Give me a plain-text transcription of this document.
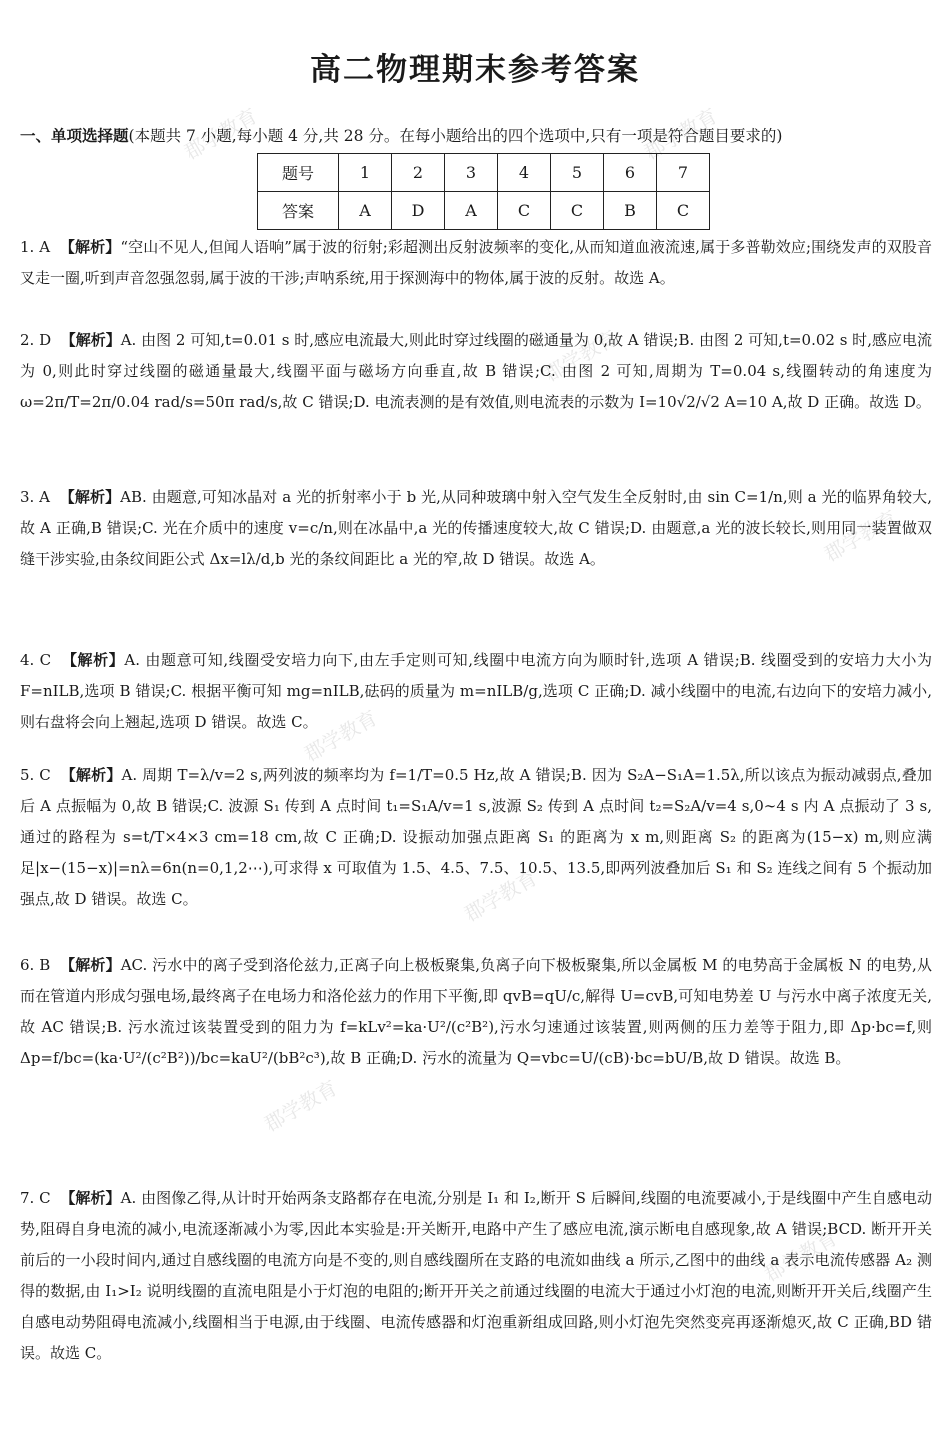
郡学教育	郡学教育
郡学教育
郡学教育
郡学教育
郡学教育
郡学教育
郡学教育
高二物理期末参考答案
一、单项选择题(本题共 7 小题,每小题 4 分,共 28 分。在每小题给出的四个选项中,只有一项是符合题目要求的)
题号	1	2	3	4	5	6	7
答案	A	D	A	C	C	B	C
1. A 【解析】“空山不见人,但闻人语响”属于波的衍射;彩超测出反射波频率的变化,从而知道血液流速,属于多普勒效应;围绕发声的双股音叉走一圈,听到声音忽强忽弱,属于波的干涉;声呐系统,用于探测海中的物体,属于波的反射。故选 A。
2. D 【解析】A. 由图 2 可知,t=0.01 s 时,感应电流最大,则此时穿过线圈的磁通量为 0,故 A 错误;B. 由图 2 可知,t=0.02 s 时,感应电流为 0,则此时穿过线圈的磁通量最大,线圈平面与磁场方向垂直,故 B 错误;C. 由图 2 可知,周期为 T=0.04 s,线圈转动的角速度为 ω=2π/T=2π/0.04 rad/s=50π rad/s,故 C 错误;D. 电流表测的是有效值,则电流表的示数为 I=10√2/√2 A=10 A,故 D 正确。故选 D。
3. A 【解析】AB. 由题意,可知冰晶对 a 光的折射率小于 b 光,从同种玻璃中射入空气发生全反射时,由 sin C=1/n,则 a 光的临界角较大,故 A 正确,B 错误;C. 光在介质中的速度 v=c/n,则在冰晶中,a 光的传播速度较大,故 C 错误;D. 由题意,a 光的波长较长,则用同一装置做双缝干涉实验,由条纹间距公式 Δx=lλ/d,b 光的条纹间距比 a 光的窄,故 D 错误。故选 A。
4. C 【解析】A. 由题意可知,线圈受安培力向下,由左手定则可知,线圈中电流方向为顺时针,选项 A 错误;B. 线圈受到的安培力大小为 F=nILB,选项 B 错误;C. 根据平衡可知 mg=nILB,砝码的质量为 m=nILB/g,选项 C 正确;D. 减小线圈中的电流,右边向下的安培力减小,则右盘将会向上翘起,选项 D 错误。故选 C。
5. C 【解析】A. 周期 T=λ/v=2 s,两列波的频率均为 f=1/T=0.5 Hz,故 A 错误;B. 因为 S₂A−S₁A=1.5λ,所以该点为振动减弱点,叠加后 A 点振幅为 0,故 B 错误;C. 波源 S₁ 传到 A 点时间 t₁=S₁A/v=1 s,波源 S₂ 传到 A 点时间 t₂=S₂A/v=4 s,0∼4 s 内 A 点振动了 3 s,通过的路程为 s=t/T×4×3 cm=18 cm,故 C 正确;D. 设振动加强点距离 S₁ 的距离为 x m,则距离 S₂ 的距离为(15−x) m,则应满足|x−(15−x)|=nλ=6n(n=0,1,2⋯),可求得 x 可取值为 1.5、4.5、7.5、10.5、13.5,即两列波叠加后 S₁ 和 S₂ 连线之间有 5 个振动加强点,故 D 错误。故选 C。
6. B 【解析】AC. 污水中的离子受到洛伦兹力,正离子向上极板聚集,负离子向下极板聚集,所以金属板 M 的电势高于金属板 N 的电势,从而在管道内形成匀强电场,最终离子在电场力和洛伦兹力的作用下平衡,即 qvB=qU/c,解得 U=cvB,可知电势差 U 与污水中离子浓度无关,故 AC 错误;B. 污水流过该装置受到的阻力为 f=kLv²=ka·U²/(c²B²),污水匀速通过该装置,则两侧的压力差等于阻力,即 Δp·bc=f,则 Δp=f/bc=(ka·U²/(c²B²))/bc=kaU²/(bB²c³),故 B 正确;D. 污水的流量为 Q=vbc=U/(cB)·bc=bU/B,故 D 错误。故选 B。
7. C 【解析】A. 由图像乙得,从计时开始两条支路都存在电流,分别是 I₁ 和 I₂,断开 S 后瞬间,线圈的电流要减小,于是线圈中产生自感电动势,阻碍自身电流的减小,电流逐渐减小为零,因此本实验是:开关断开,电路中产生了感应电流,演示断电自感现象,故 A 错误;BCD. 断开开关前后的一小段时间内,通过自感线圈的电流方向是不变的,则自感线圈所在支路的电流如曲线 a 所示,乙图中的曲线 a 表示电流传感器 A₂ 测得的数据,由 I₁>I₂ 说明线圈的直流电阻是小于灯泡的电阻的;断开开关之前通过线圈的电流大于通过小灯泡的电流,则断开开关后,线圈产生自感电动势阻碍电流减小,线圈相当于电源,由于线圈、电流传感器和灯泡重新组成回路,则小灯泡先突然变亮再逐渐熄灭,故 C 正确,BD 错误。故选 C。
